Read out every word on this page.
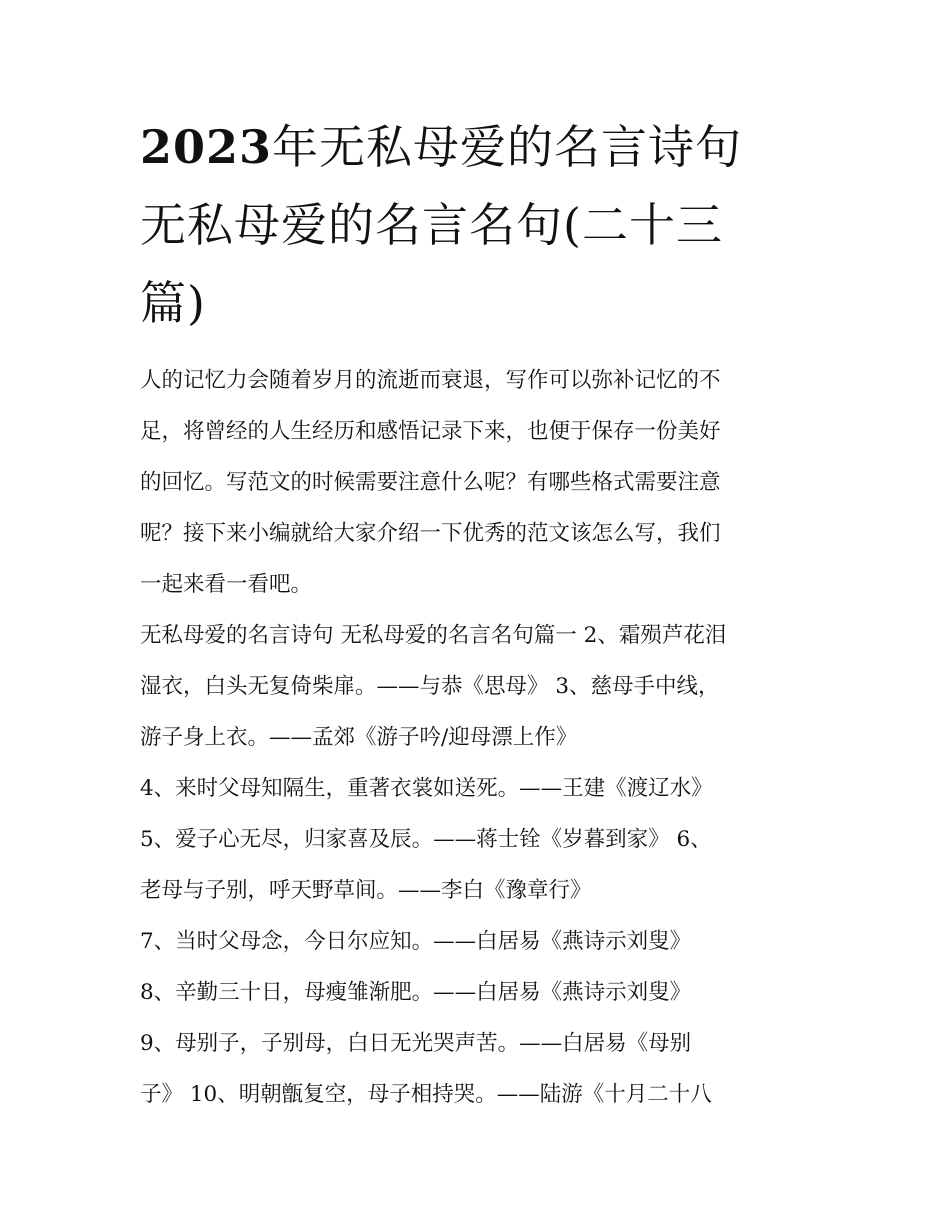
2023年无私母爱的名言诗句
无私母爱的名言名句(二十三
篇)

人的记忆力会随着岁月的流逝而衰退，写作可以弥补记忆的不
足，将曾经的人生经历和感悟记录下来，也便于保存一份美好
的回忆。写范文的时候需要注意什么呢？有哪些格式需要注意
呢？接下来小编就给大家介绍一下优秀的范文该怎么写，我们
一起来看一看吧。

无私母爱的名言诗句 无私母爱的名言名句篇一 2、霜殒芦花泪
湿衣，白头无复倚柴扉。——与恭《思母》 3、慈母手中线，
游子身上衣。——孟郊《游子吟/迎母漂上作》
4、来时父母知隔生，重著衣裳如送死。——王建《渡辽水》
5、爱子心无尽，归家喜及辰。——蒋士铨《岁暮到家》 6、
老母与子别，呼天野草间。——李白《豫章行》
7、当时父母念，今日尔应知。——白居易《燕诗示刘叟》
8、辛勤三十日，母瘦雏渐肥。——白居易《燕诗示刘叟》
9、母别子，子别母，白日无光哭声苦。——白居易《母别
子》 10、明朝甑复空，母子相持哭。——陆游《十月二十八
